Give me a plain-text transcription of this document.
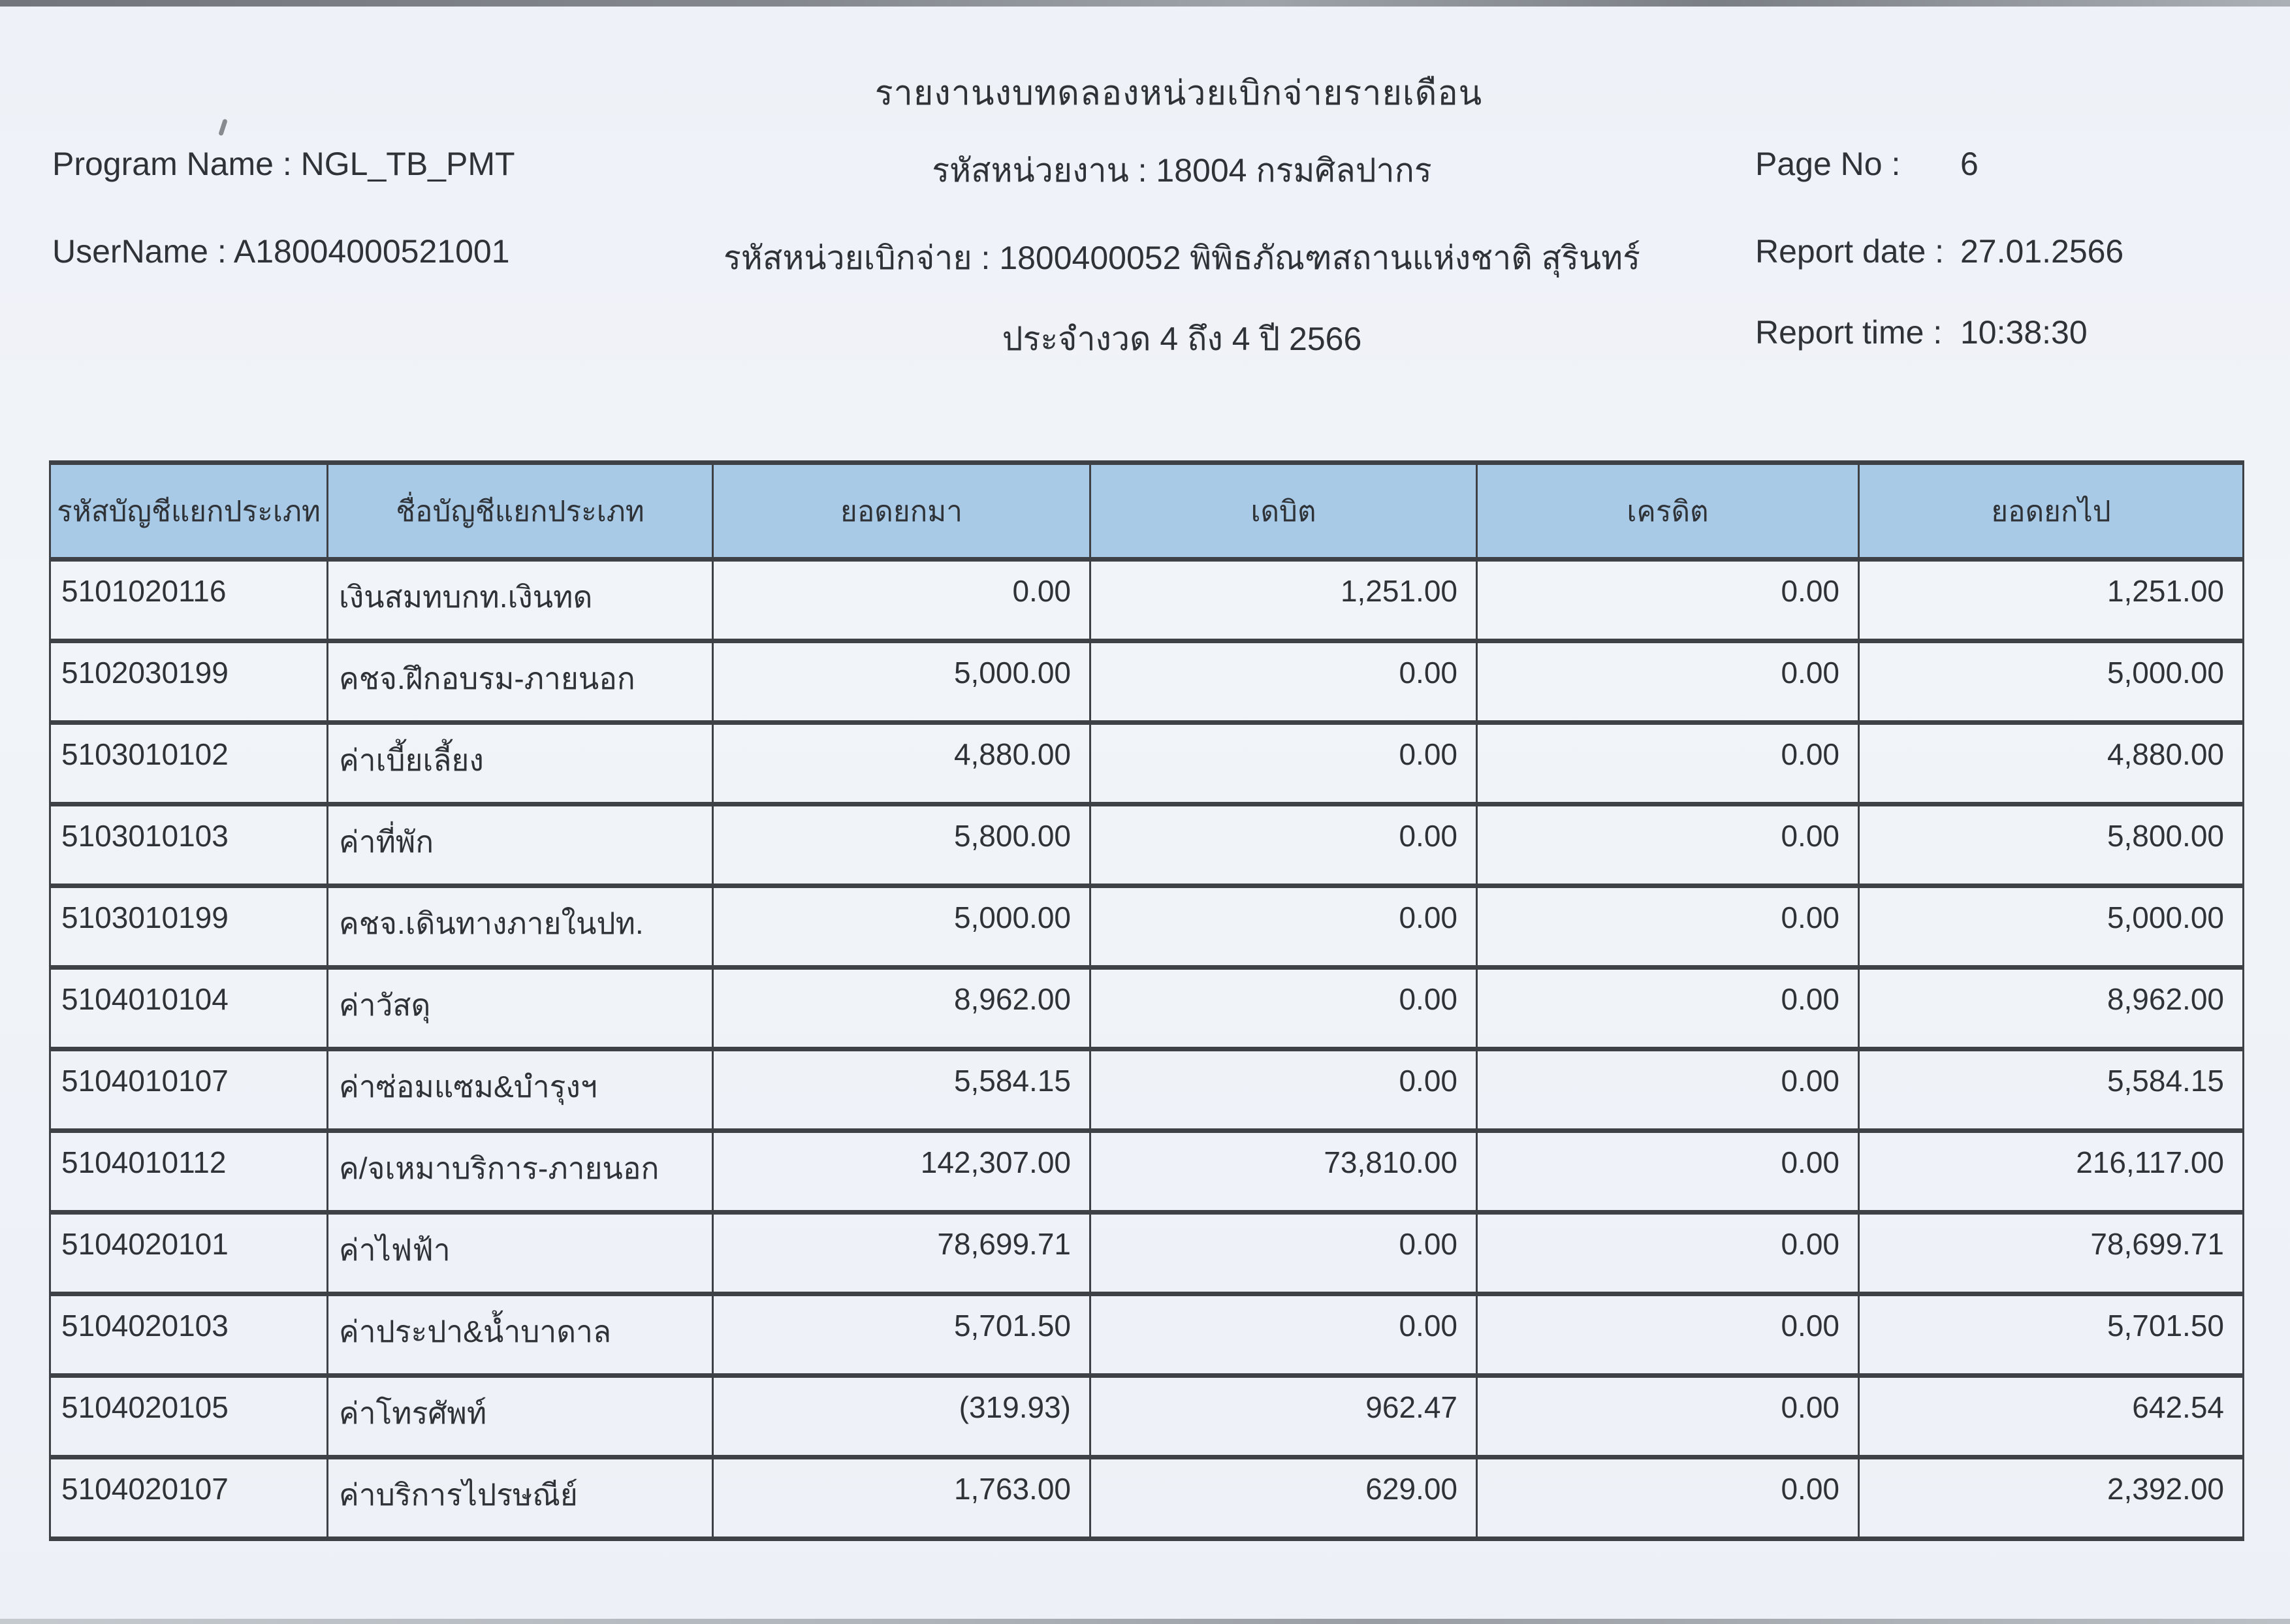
รายงานงบทดลองหน่วยเบิกจ่ายรายเดือน
Program Name : NGL_TB_PMT
UserName : A18004000521001
รหัสหน่วยงาน : 18004 กรมศิลปากร
รหัสหน่วยเบิกจ่าย : 1800400052 พิพิธภัณฑสถานแห่งชาติ สุรินทร์
ประจำงวด 4 ถึง 4 ปี 2566
Page No : 6
Report date : 27.01.2566
Report time : 10:38:30
รหัสบัญชีแยกประเภท	ชื่อบัญชีแยกประเภท	ยอดยกมา	เดบิต	เครดิต	ยอดยกไป
5101020116	เงินสมทบกท.เงินทด	0.00	1,251.00	0.00	1,251.00
5102030199	คชจ.ฝึกอบรม-ภายนอก	5,000.00	0.00	0.00	5,000.00
5103010102	ค่าเบี้ยเลี้ยง	4,880.00	0.00	0.00	4,880.00
5103010103	ค่าที่พัก	5,800.00	0.00	0.00	5,800.00
5103010199	คชจ.เดินทางภายในปท.	5,000.00	0.00	0.00	5,000.00
5104010104	ค่าวัสดุ	8,962.00	0.00	0.00	8,962.00
5104010107	ค่าซ่อมแซม&บำรุงฯ	5,584.15	0.00	0.00	5,584.15
5104010112	ค/จเหมาบริการ-ภายนอก	142,307.00	73,810.00	0.00	216,117.00
5104020101	ค่าไฟฟ้า	78,699.71	0.00	0.00	78,699.71
5104020103	ค่าประปา&น้ำบาดาล	5,701.50	0.00	0.00	5,701.50
5104020105	ค่าโทรศัพท์	(319.93)	962.47	0.00	642.54
5104020107	ค่าบริการไปรษณีย์	1,763.00	629.00	0.00	2,392.00
